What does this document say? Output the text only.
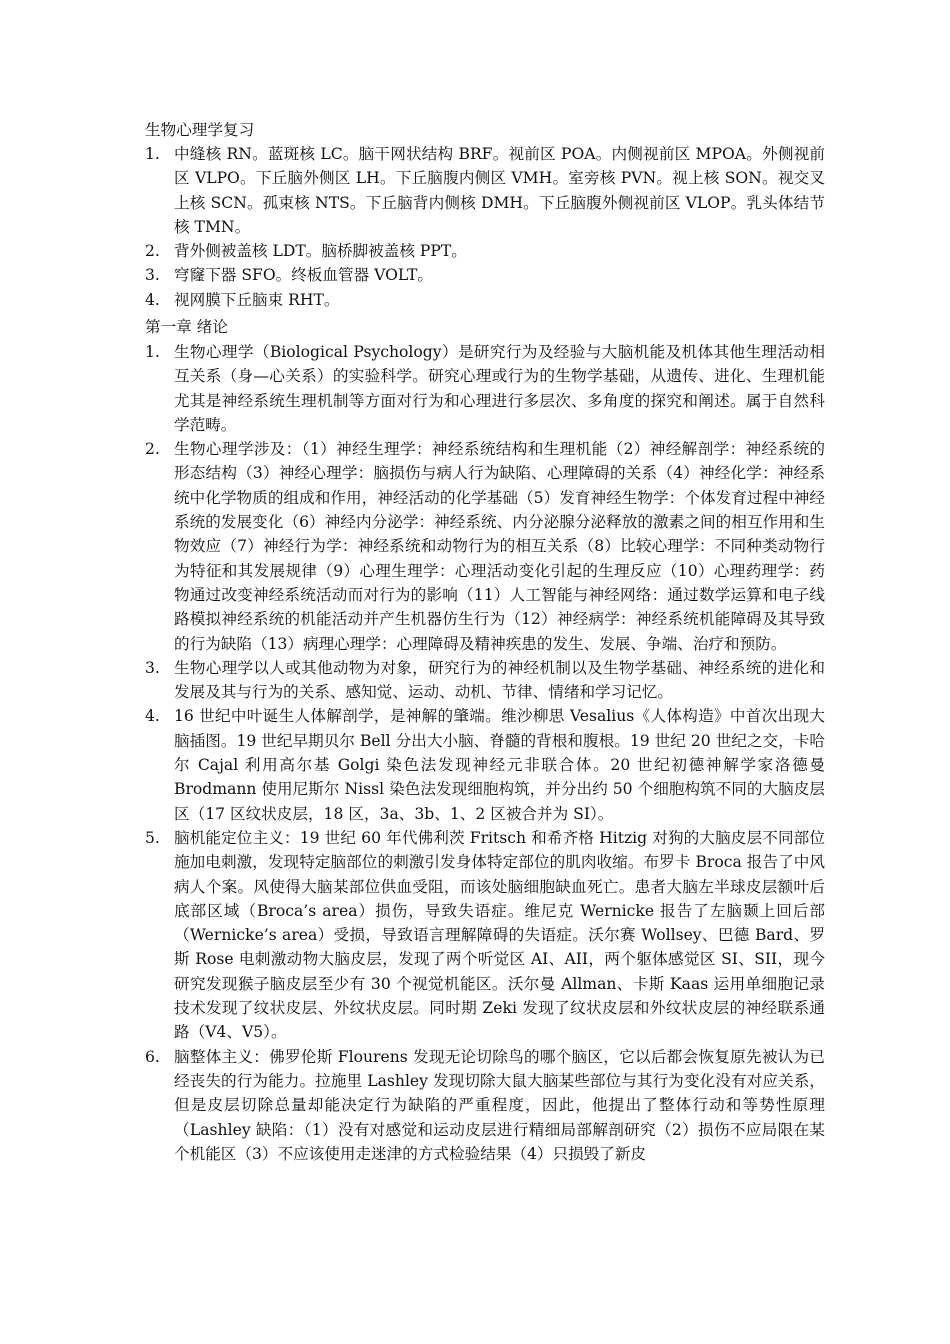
生物心理学复习
1. 中缝核 RN。蓝斑核 LC。脑干网状结构 BRF。视前区 POA。内侧视前区 MPOA。外侧视前区 VLPO。下丘脑外侧区 LH。下丘脑腹内侧区 VMH。室旁核 PVN。视上核 SON。视交叉上核 SCN。孤束核 NTS。下丘脑背内侧核 DMH。下丘脑腹外侧视前区 VLOP。乳头体结节核 TMN。
2. 背外侧被盖核 LDT。脑桥脚被盖核 PPT。
3. 穹窿下器 SFO。终板血管器 VOLT。
4. 视网膜下丘脑束 RHT。
第一章 绪论
1. 生物心理学（Biological Psychology）是研究行为及经验与大脑机能及机体其他生理活动相互关系（身—心关系）的实验科学。研究心理或行为的生物学基础，从遗传、进化、生理机能尤其是神经系统生理机制等方面对行为和心理进行多层次、多角度的探究和阐述。属于自然科学范畴。
2. 生物心理学涉及：（1）神经生理学：神经系统结构和生理机能（2）神经解剖学：神经系统的形态结构（3）神经心理学：脑损伤与病人行为缺陷、心理障碍的关系（4）神经化学：神经系统中化学物质的组成和作用，神经活动的化学基础（5）发育神经生物学：个体发育过程中神经系统的发展变化（6）神经内分泌学：神经系统、内分泌腺分泌释放的激素之间的相互作用和生物效应（7）神经行为学：神经系统和动物行为的相互关系（8）比较心理学：不同种类动物行为特征和其发展规律（9）心理生理学：心理活动变化引起的生理反应（10）心理药理学：药物通过改变神经系统活动而对行为的影响（11）人工智能与神经网络：通过数学运算和电子线路模拟神经系统的机能活动并产生机器仿生行为（12）神经病学：神经系统机能障碍及其导致的行为缺陷（13）病理心理学：心理障碍及精神疾患的发生、发展、争端、治疗和预防。
3. 生物心理学以人或其他动物为对象，研究行为的神经机制以及生物学基础、神经系统的进化和发展及其与行为的关系、感知觉、运动、动机、节律、情绪和学习记忆。
4. 16 世纪中叶诞生人体解剖学，是神解的肇端。维沙柳思 Vesalius《人体构造》中首次出现大脑插图。19 世纪早期贝尔 Bell 分出大小脑、脊髓的背根和腹根。19 世纪 20 世纪之交，卡哈尔 Cajal 利用高尔基 Golgi 染色法发现神经元非联合体。20 世纪初德神解学家洛德曼 Brodmann 使用尼斯尔 Nissl 染色法发现细胞构筑，并分出约 50 个细胞构筑不同的大脑皮层区（17 区纹状皮层，18 区，3a、3b、1、2 区被合并为 SI）。
5. 脑机能定位主义：19 世纪 60 年代佛利茨 Fritsch 和希齐格 Hitzig 对狗的大脑皮层不同部位施加电刺激，发现特定脑部位的刺激引发身体特定部位的肌肉收缩。布罗卡 Broca 报告了中风病人个案。风使得大脑某部位供血受阻，而该处脑细胞缺血死亡。患者大脑左半球皮层额叶后底部区域（Broca’s area）损伤，导致失语症。维尼克 Wernicke 报告了左脑颞上回后部（Wernicke’s area）受损，导致语言理解障碍的失语症。沃尔赛 Wollsey、巴德 Bard、罗斯 Rose 电刺激动物大脑皮层，发现了两个听觉区 AI、AII，两个躯体感觉区 SI、SII，现今研究发现猴子脑皮层至少有 30 个视觉机能区。沃尔曼 Allman、卡斯 Kaas 运用单细胞记录技术发现了纹状皮层、外纹状皮层。同时期 Zeki 发现了纹状皮层和外纹状皮层的神经联系通路（V4、V5）。
6. 脑整体主义：佛罗伦斯 Flourens 发现无论切除鸟的哪个脑区，它以后都会恢复原先被认为已经丧失的行为能力。拉施里 Lashley 发现切除大鼠大脑某些部位与其行为变化没有对应关系，但是皮层切除总量却能决定行为缺陷的严重程度，因此，他提出了整体行动和等势性原理（Lashley 缺陷：（1）没有对感觉和运动皮层进行精细局部解剖研究（2）损伤不应局限在某个机能区（3）不应该使用走迷津的方式检验结果（4）只损毁了新皮
